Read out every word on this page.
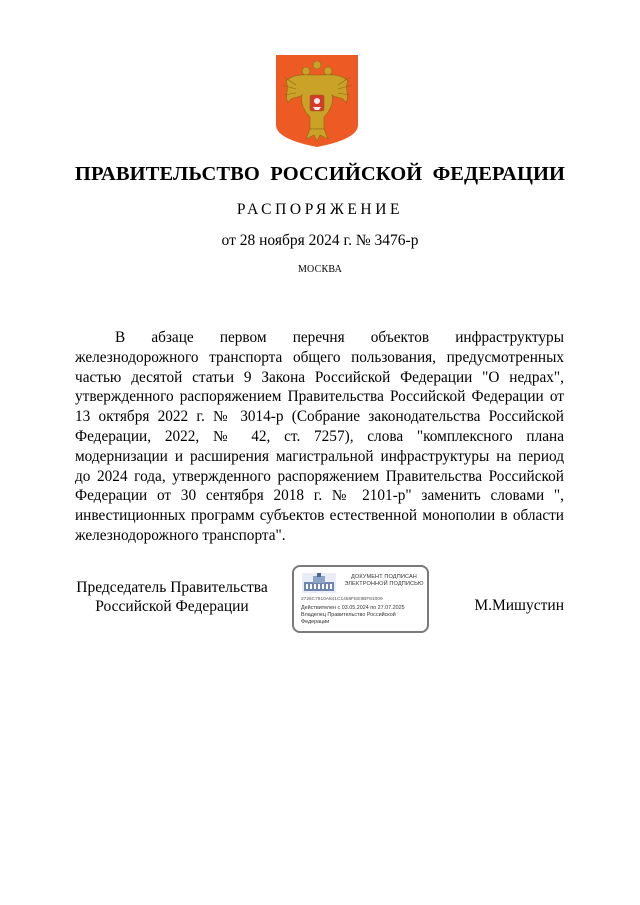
ПРАВИТЕЛЬСТВО РОССИЙСКОЙ ФЕДЕРАЦИИ
РАСПОРЯЖЕНИЕ
от 28 ноября 2024 г. № 3476-р
МОСКВА

В абзаце первом перечня объектов инфраструктуры железнодорожного транспорта общего пользования, предусмотренных частью десятой статьи 9 Закона Российской Федерации "О недрах", утвержденного распоряжением Правительства Российской Федерации от 13 октября 2022 г. № 3014-р (Собрание законодательства Российской Федерации, 2022, № 42, ст. 7257), слова "комплексного плана модернизации и расширения магистральной инфраструктуры на период до 2024 года, утвержденного распоряжением Правительства Российской Федерации от 30 сентября 2018 г. № 2101-р" заменить словами ", инвестиционных программ субъектов естественной монополии в области железнодорожного транспорта".

Председатель Правительства
Российской Федерации
ДОКУМЕНТ ПОДПИСАН
ЭЛЕКТРОННОЙ ПОДПИСЬЮ
2726C7910A841C1458FEE9BF81009
Действителен с 03.05.2024 по 27.07.2025
Владелец Правительство Российской Федерации
М.Мишустин
